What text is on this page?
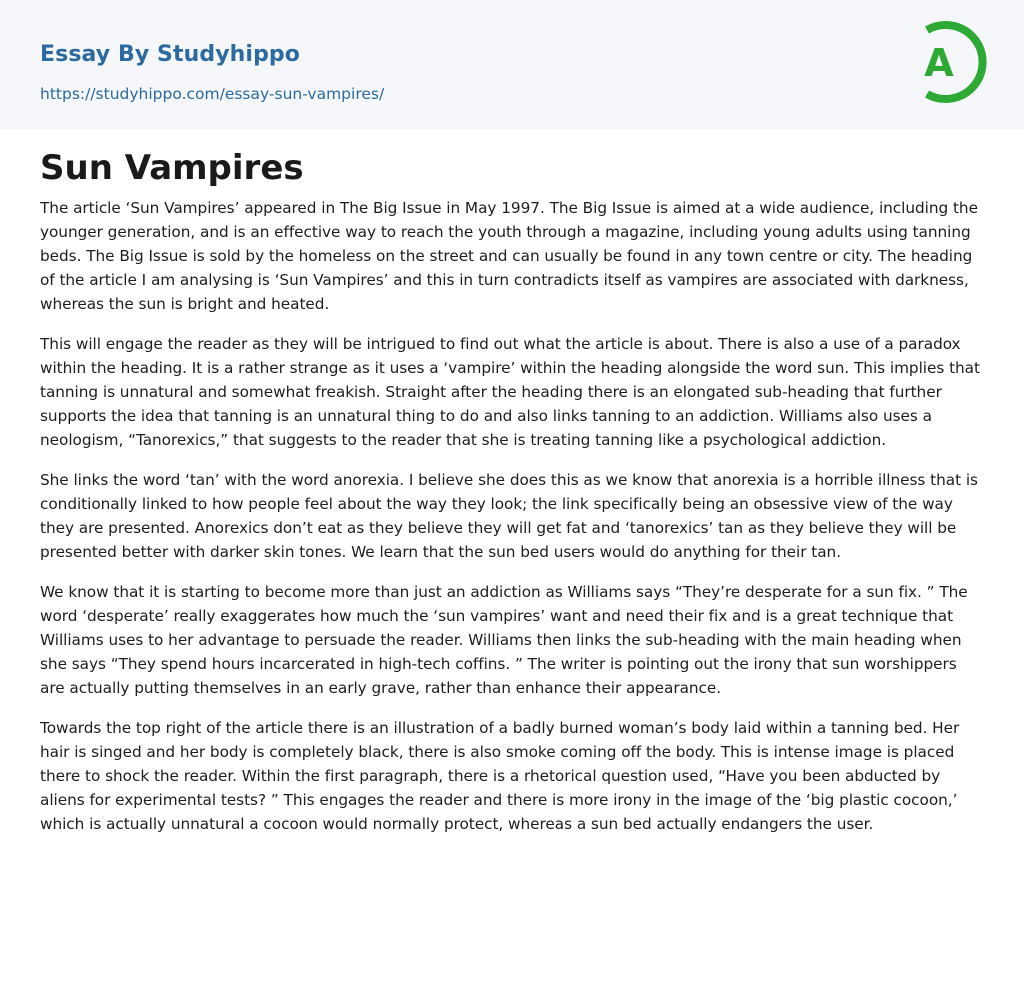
Essay By Studyhippo
https://studyhippo.com/essay-sun-vampires/
A
Sun Vampires

The article ‘Sun Vampires’ appeared in The Big Issue in May 1997. The Big Issue is aimed at a wide audience, including the younger generation, and is an effective way to reach the youth through a magazine, including young adults using tanning beds. The Big Issue is sold by the homeless on the street and can usually be found in any town centre or city. The heading of the article I am analysing is ‘Sun Vampires’ and this in turn contradicts itself as vampires are associated with darkness, whereas the sun is bright and heated.

This will engage the reader as they will be intrigued to find out what the article is about. There is also a use of a paradox within the heading. It is a rather strange as it uses a ‘vampire’ within the heading alongside the word sun. This implies that tanning is unnatural and somewhat freakish. Straight after the heading there is an elongated sub-heading that further supports the idea that tanning is an unnatural thing to do and also links tanning to an addiction. Williams also uses a neologism, “Tanorexics,” that suggests to the reader that she is treating tanning like a psychological addiction.

She links the word ‘tan’ with the word anorexia. I believe she does this as we know that anorexia is a horrible illness that is conditionally linked to how people feel about the way they look; the link specifically being an obsessive view of the way they are presented. Anorexics don’t eat as they believe they will get fat and ‘tanorexics’ tan as they believe they will be presented better with darker skin tones. We learn that the sun bed users would do anything for their tan.

We know that it is starting to become more than just an addiction as Williams says “They’re desperate for a sun fix. ” The word ‘desperate’ really exaggerates how much the ‘sun vampires’ want and need their fix and is a great technique that Williams uses to her advantage to persuade the reader. Williams then links the sub-heading with the main heading when she says “They spend hours incarcerated in high-tech coffins. ” The writer is pointing out the irony that sun worshippers are actually putting themselves in an early grave, rather than enhance their appearance.

Towards the top right of the article there is an illustration of a badly burned woman’s body laid within a tanning bed. Her hair is singed and her body is completely black, there is also smoke coming off the body. This is intense image is placed there to shock the reader. Within the first paragraph, there is a rhetorical question used, “Have you been abducted by aliens for experimental tests? ” This engages the reader and there is more irony in the image of the ‘big plastic cocoon,’ which is actually unnatural a cocoon would normally protect, whereas a sun bed actually endangers the user.
